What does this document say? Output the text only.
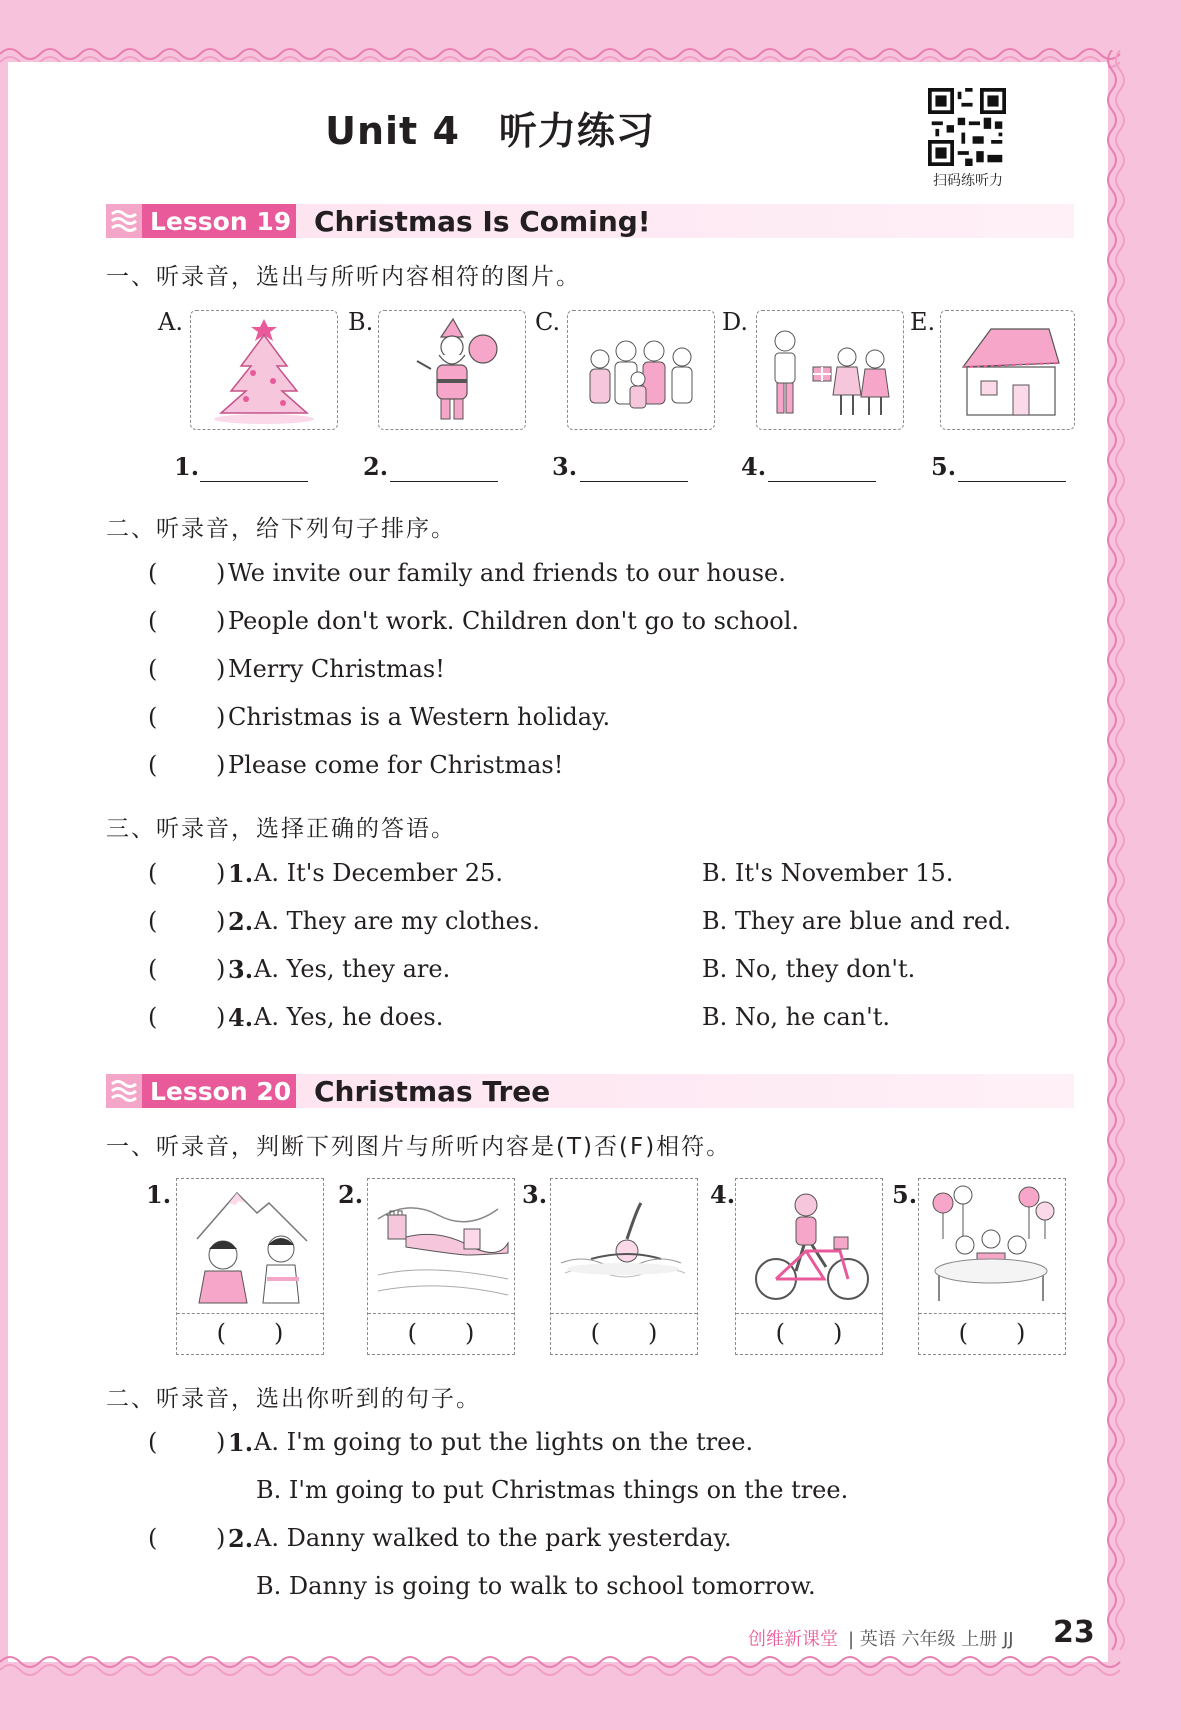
Unit 4　听力练习
扫码练听力
Lesson 19 Christmas Is Coming!
一、听录音，选出与所听内容相符的图片。
A.	B.	C.	D.	E.
1.	2.	3.	4.	5.
二、听录音，给下列句子排序。
( ) We invite our family and friends to our house.
( ) People don't work. Children don't go to school.
( ) Merry Christmas!
( ) Christmas is a Western holiday.
( ) Please come for Christmas!
三、听录音，选择正确的答语。
( ) 1. A. It's December 25.	B. It's November 15.
( ) 2. A. They are my clothes.	B. They are blue and red.
( ) 3. A. Yes, they are.	B. No, they don't.
( ) 4. A. Yes, he does.	B. No, he can't.
Lesson 20 Christmas Tree
一、听录音，判断下列图片与所听内容是(T)否(F)相符。
1.
(　　)
2.
(　　)
3.
(　　)
4.
(　　)
5.
(　　)
二、听录音，选出你听到的句子。
( ) 1. A. I'm going to put the lights on the tree.
B. I'm going to put Christmas things on the tree.
( ) 2. A. Danny walked to the park yesterday.
B. Danny is going to walk to school tomorrow.
创维新课堂 | 英语 六年级 上册 JJ 23
